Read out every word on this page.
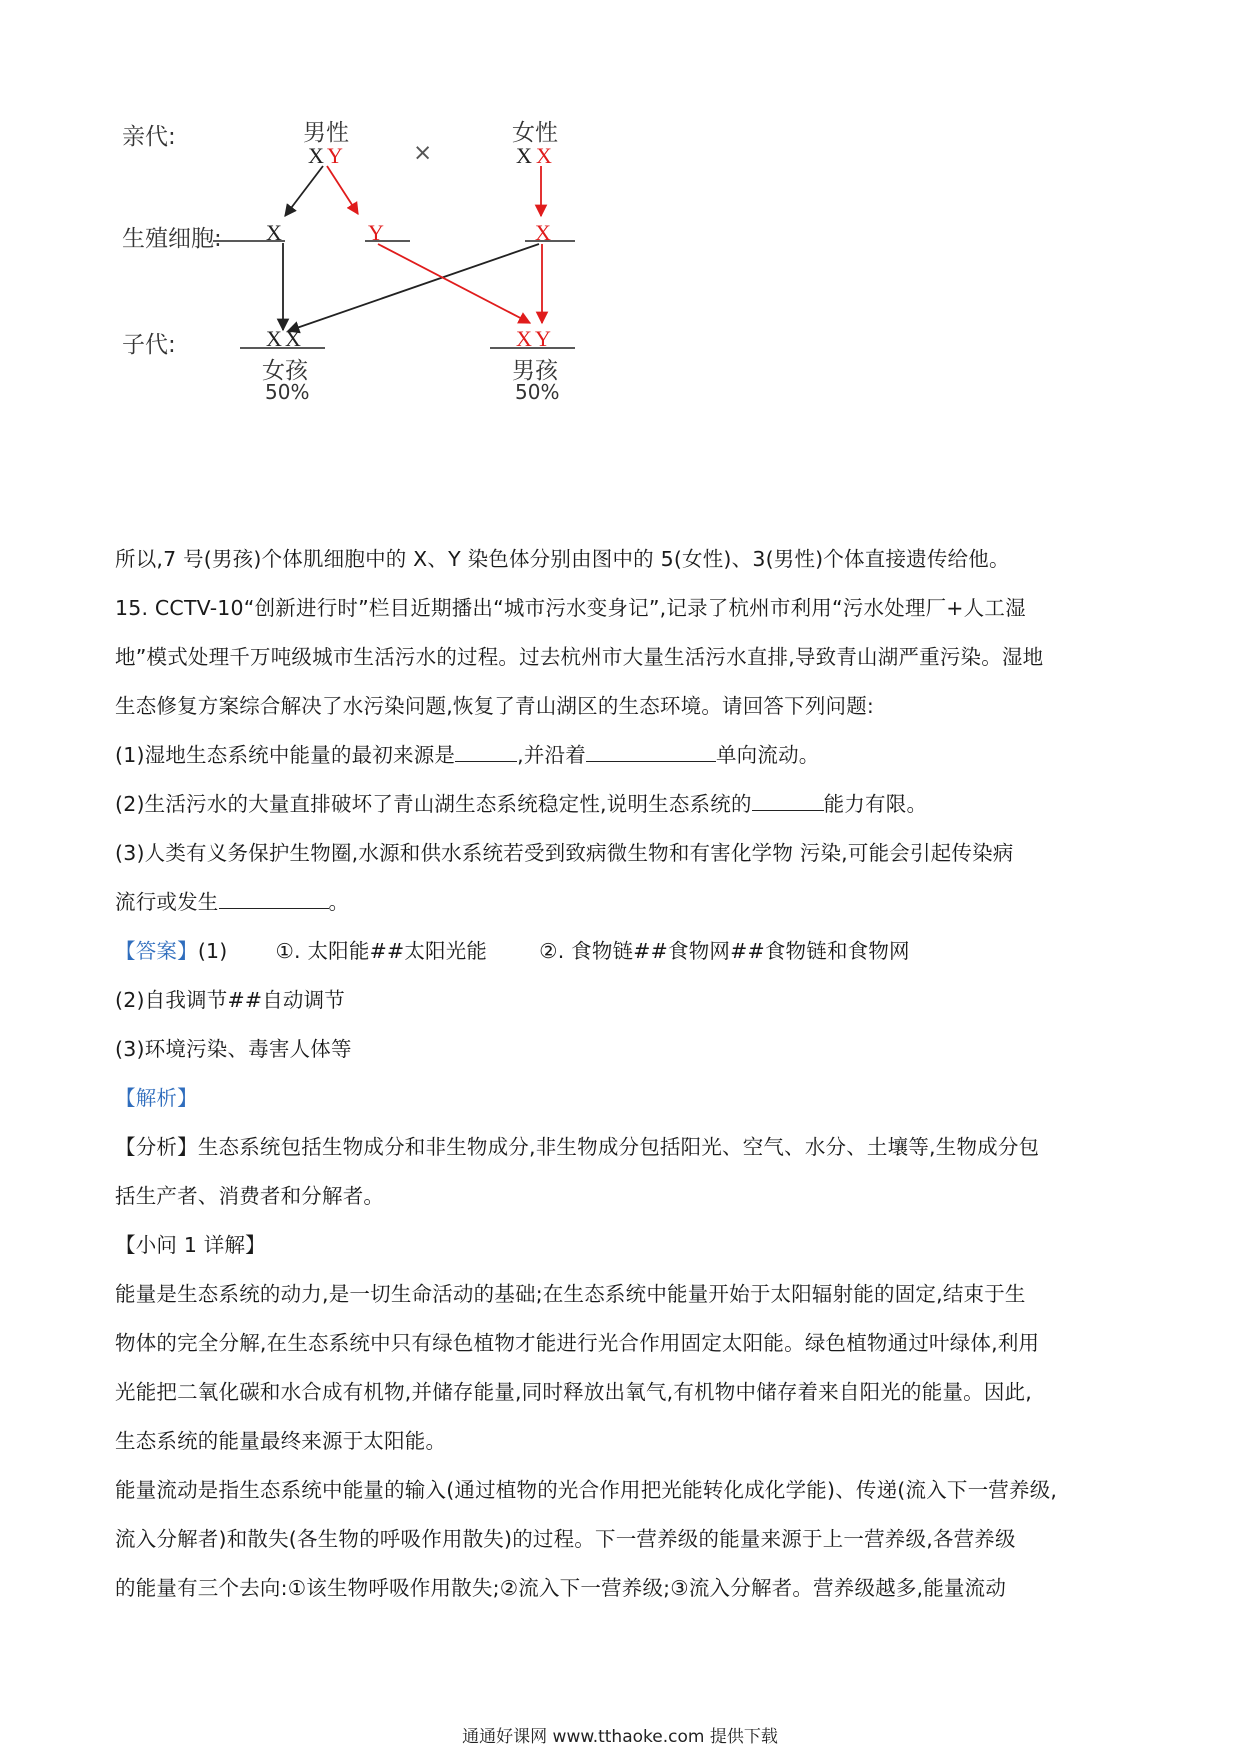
亲代:
生殖细胞:
子代:
男性
X Y	×
女性
X X
X	Y	X
X X
女孩
50%
X Y
男孩
50%

所以,7 号(男孩)个体肌细胞中的 X、Y 染色体分别由图中的 5(女性)、3(男性)个体直接遗传给他。

15. CCTV-10“创新进行时”栏目近期播出“城市污水变身记”,记录了杭州市利用“污水处理厂+人工湿

地”模式处理千万吨级城市生活污水的过程。过去杭州市大量生活污水直排,导致青山湖严重污染。湿地

生态修复方案综合解决了水污染问题,恢复了青山湖区的生态环境。请回答下列问题:

(1)湿地生态系统中能量的最初来源是	,并沿着	单向流动。

(2)生活污水的大量直排破坏了青山湖生态系统稳定性,说明生态系统的	能力有限。

(3)人类有义务保护生物圈,水源和供水系统若受到致病微生物和有害化学物 污染,可能会引起传染病

流行或发生	。

【答案】(1) ①. 太阳能##太阳光能	②. 食物链##食物网##食物链和食物网

(2)自我调节##自动调节

(3)环境污染、毒害人体等

【解析】

【分析】生态系统包括生物成分和非生物成分,非生物成分包括阳光、空气、水分、土壤等,生物成分包

括生产者、消费者和分解者。

【小问 1 详解】

能量是生态系统的动力,是一切生命活动的基础;在生态系统中能量开始于太阳辐射能的固定,结束于生

物体的完全分解,在生态系统中只有绿色植物才能进行光合作用固定太阳能。绿色植物通过叶绿体,利用

光能把二氧化碳和水合成有机物,并储存能量,同时释放出氧气,有机物中储存着来自阳光的能量。因此,

生态系统的能量最终来源于太阳能。

能量流动是指生态系统中能量的输入(通过植物的光合作用把光能转化成化学能)、传递(流入下一营养级,

流入分解者)和散失(各生物的呼吸作用散失)的过程。下一营养级的能量来源于上一营养级,各营养级

的能量有三个去向:①该生物呼吸作用散失;②流入下一营养级;③流入分解者。营养级越多,能量流动

通通好课网 www.tthaoke.com 提供下载
